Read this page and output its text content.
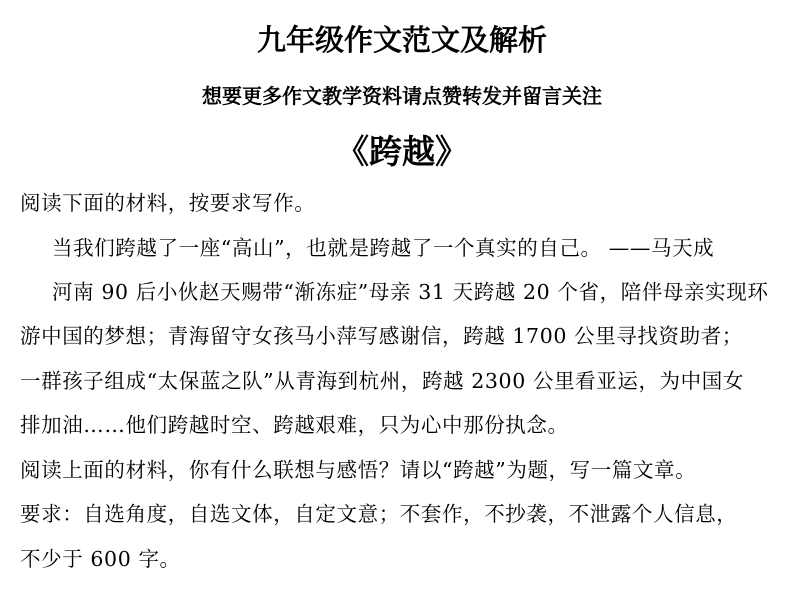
九年级作文范文及解析
想要更多作文教学资料请点赞转发并留言关注
《跨越》
阅读下面的材料，按要求写作。
当我们跨越了一座“高山”，也就是跨越了一个真实的自己。 ——马天成
河南 90 后小伙赵天赐带“渐冻症”母亲 31 天跨越 20 个省，陪伴母亲实现环
游中国的梦想；青海留守女孩马小萍写感谢信，跨越 1700 公里寻找资助者；
一群孩子组成“太保蓝之队”从青海到杭州，跨越 2300 公里看亚运，为中国女
排加油……他们跨越时空、跨越艰难，只为心中那份执念。
阅读上面的材料，你有什么联想与感悟？请以“跨越”为题，写一篇文章。
要求：自选角度，自选文体，自定文意；不套作，不抄袭，不泄露个人信息，
不少于 600 字。
